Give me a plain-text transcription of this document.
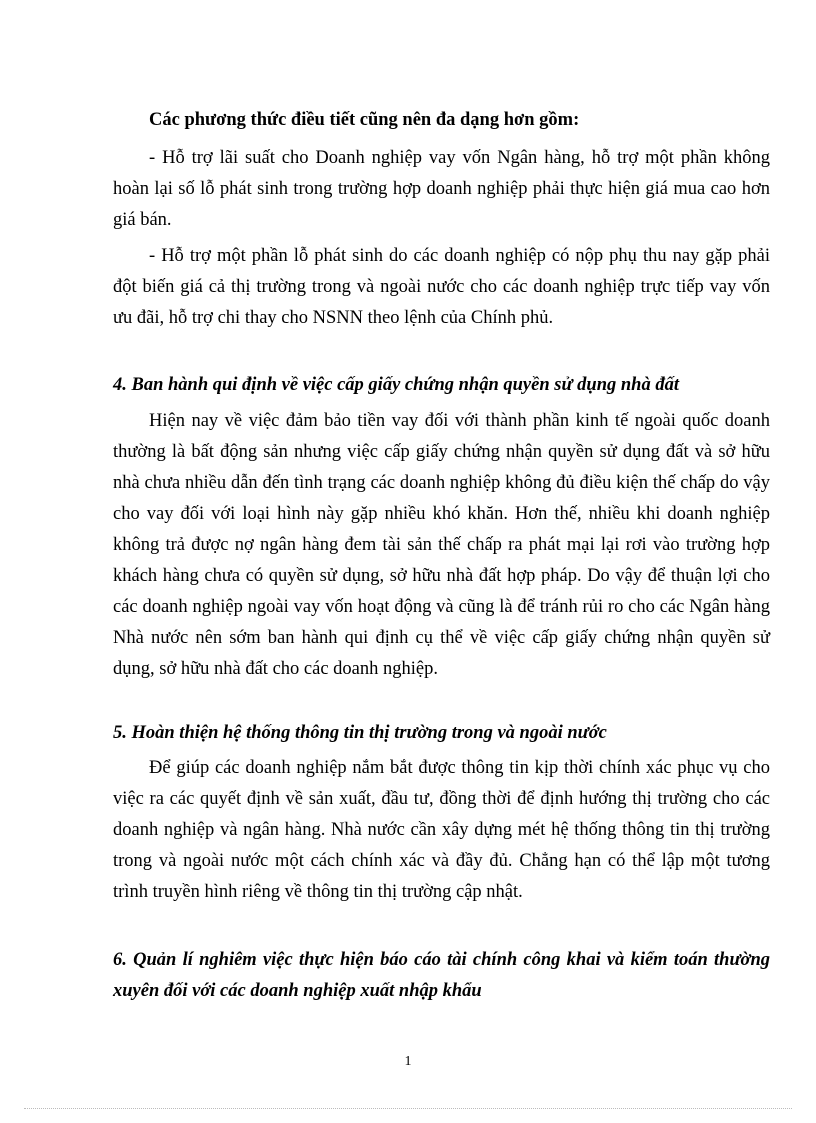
Các phương thức điều tiết cũng nên đa dạng hơn gồm:

- Hỗ trợ lãi suất cho Doanh nghiệp vay vốn Ngân hàng, hỗ trợ một phần không hoàn lại số lỗ phát sinh trong trường hợp doanh nghiệp phải thực hiện giá mua cao hơn giá bán.

- Hỗ trợ một phần lỗ phát sinh do các doanh nghiệp có nộp phụ thu nay gặp phải đột biến giá cả thị trường trong và ngoài nước cho các doanh nghiệp trực tiếp vay vốn ưu đãi, hỗ trợ chi thay cho NSNN theo lệnh của Chính phủ.

4. Ban hành qui định về việc cấp giấy chứng nhận quyền sử dụng nhà đất

Hiện nay về việc đảm bảo tiền vay đối với thành phần kinh tế ngoài quốc doanh thường là bất động sản nhưng việc cấp giấy chứng nhận quyền sử dụng đất và sở hữu nhà chưa nhiều dẫn đến tình trạng các doanh nghiệp không đủ điều kiện thế chấp do vậy cho vay đối với loại hình này gặp nhiều khó khăn. Hơn thế, nhiều khi doanh nghiệp không trả được nợ ngân hàng đem tài sản thế chấp ra phát mại lại rơi vào trường hợp khách hàng chưa có quyền sử dụng, sở hữu nhà đất hợp pháp. Do vậy để thuận lợi cho các doanh nghiệp ngoài vay vốn hoạt động và cũng là để tránh rủi ro cho các Ngân hàng Nhà nước nên sớm ban hành qui định cụ thể về việc cấp giấy chứng nhận quyền sử dụng, sở hữu nhà đất cho các doanh nghiệp.

5. Hoàn thiện hệ thống thông tin thị trường trong và ngoài nước

Để giúp các doanh nghiệp nắm bắt được thông tin kịp thời chính xác phục vụ cho việc ra các quyết định về sản xuất, đầu tư, đồng thời để định hướng thị trường cho các doanh nghiệp và ngân hàng. Nhà nước cần xây dựng mét hệ thống thông tin thị trường trong và ngoài nước một cách chính xác và đầy đủ. Chẳng hạn có thể lập một tương trình truyền hình riêng về thông tin thị trường cập nhật.

6. Quản lí nghiêm việc thực hiện báo cáo tài chính công khai và kiểm toán thường xuyên đối với các doanh nghiệp xuất nhập khẩu

1
